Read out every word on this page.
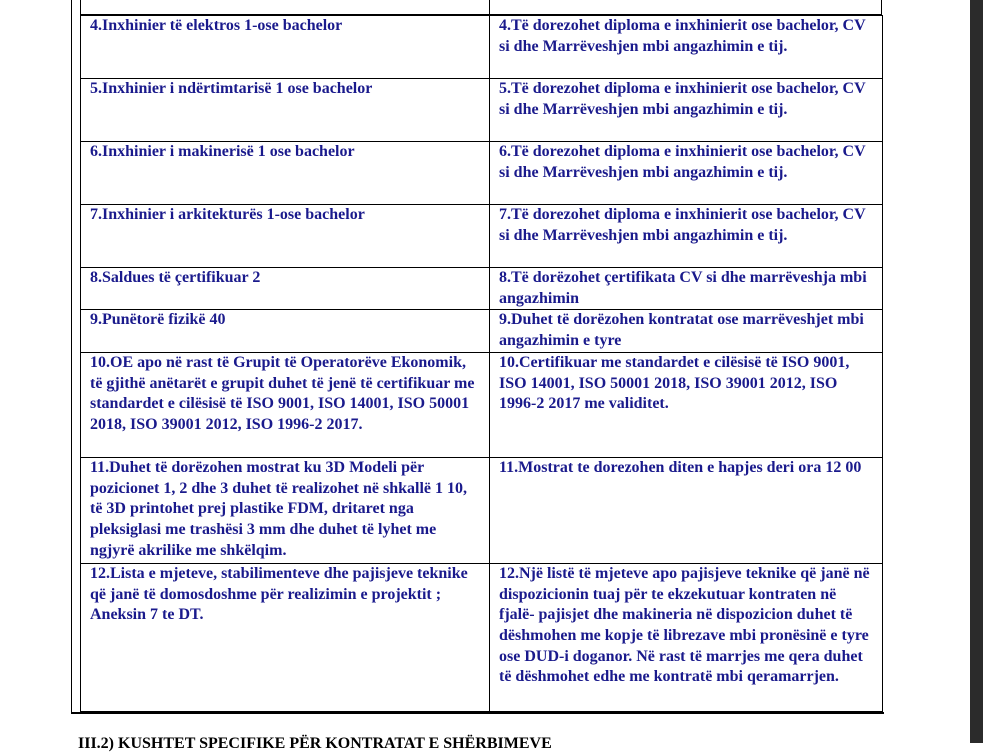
4.Inxhinier të elektros 1-ose bachelor	4.Të dorezohet diploma e inxhinierit ose bachelor, CV si dhe Marrëveshjen mbi angazhimin e tij.
5.Inxhinier i ndërtimtarisë 1 ose bachelor	5.Të dorezohet diploma e inxhinierit ose bachelor, CV si dhe Marrëveshjen mbi angazhimin e tij.
6.Inxhinier i makinerisë 1 ose bachelor	6.Të dorezohet diploma e inxhinierit ose bachelor, CV si dhe Marrëveshjen mbi angazhimin e tij.
7.Inxhinier i arkitekturës 1-ose bachelor	7.Të dorezohet diploma e inxhinierit ose bachelor, CV si dhe Marrëveshjen mbi angazhimin e tij.
8.Saldues të çertifikuar 2	8.Të dorëzohet çertifikata CV si dhe marrëveshja mbi angazhimin
9.Punëtorë fizikë 40	9.Duhet të dorëzohen kontratat ose marrëveshjet mbi angazhimin e tyre
10.OE apo në rast të Grupit të Operatorëve Ekonomik, të gjithë anëtarët e grupit duhet të jenë të certifikuar me standardet e cilësisë të ISO 9001, ISO 14001, ISO 50001 2018, ISO 39001 2012, ISO 1996-2 2017.	10.Certifikuar me standardet e cilësisë të ISO 9001, ISO 14001, ISO 50001 2018, ISO 39001 2012, ISO 1996-2 2017 me validitet.
11.Duhet të dorëzohen mostrat ku 3D Modeli për pozicionet 1, 2 dhe 3 duhet të realizohet në shkallë 1 10, të 3D printohet prej plastike FDM, dritaret nga pleksiglasi me trashësi 3 mm dhe duhet të lyhet me ngjyrë akrilike me shkëlqim.	11.Mostrat te dorezohen diten e hapjes deri ora 12 00
12.Lista e mjeteve, stabilimenteve dhe pajisjeve teknike që janë të domosdoshme për realizimin e projektit ; Aneksin 7 te DT.	12.Një listë të mjeteve apo pajisjeve teknike që janë në dispozicionin tuaj për te ekzekutuar kontraten në fjalë- pajisjet dhe makineria në dispozicion duhet të dëshmohen me kopje të librezave mbi pronësinë e tyre ose DUD-i doganor. Në rast të marrjes me qera duhet të dëshmohet edhe me kontratë mbi qeramarrjen.
III.2) KUSHTET SPECIFIKE PËR KONTRATAT E SHËRBIMEVE
